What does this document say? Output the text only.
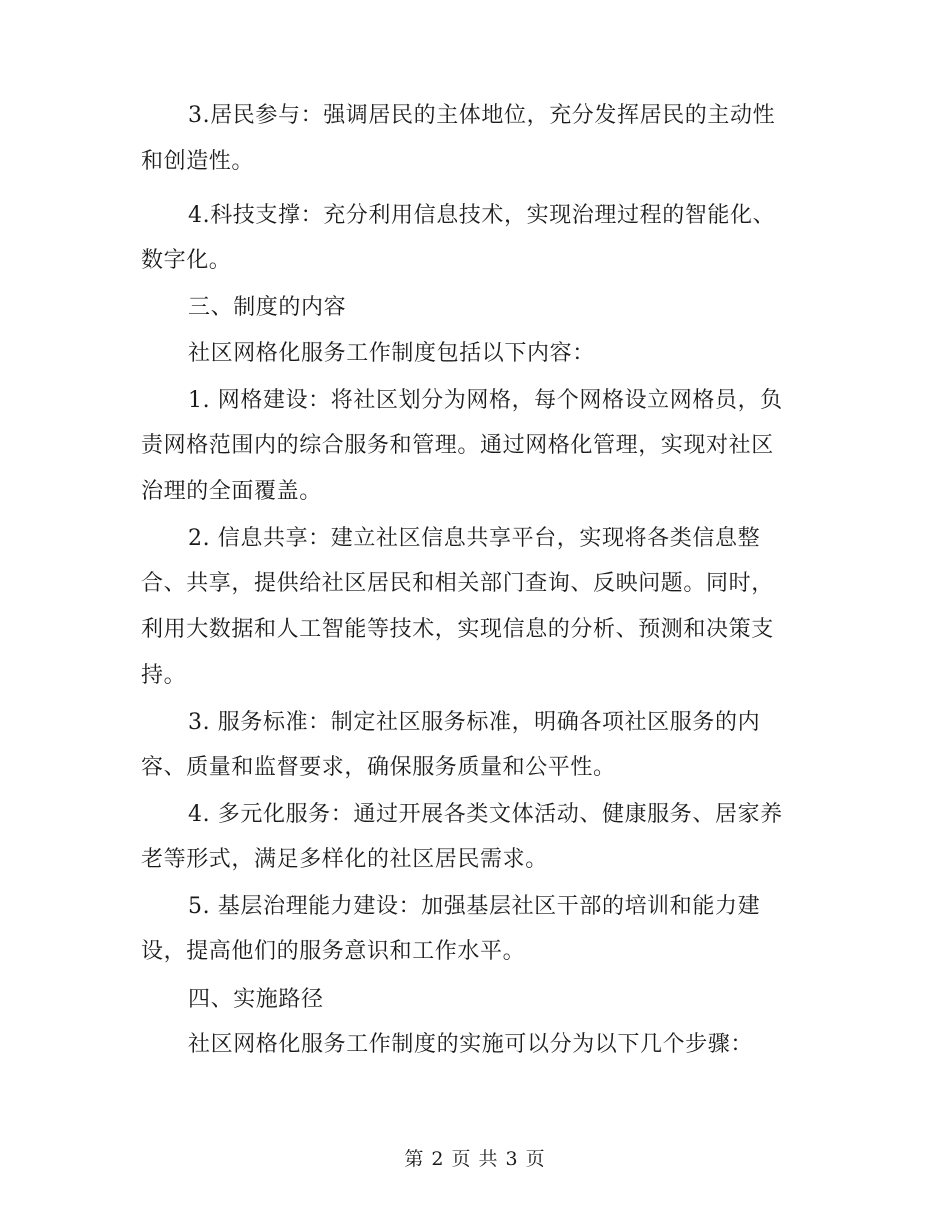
3.居民参与：强调居民的主体地位，充分发挥居民的主动性
和创造性。
4.科技支撑：充分利用信息技术，实现治理过程的智能化、
数字化。
三、制度的内容
社区网格化服务工作制度包括以下内容：
1. 网格建设：将社区划分为网格，每个网格设立网格员，负
责网格范围内的综合服务和管理。通过网格化管理，实现对社区
治理的全面覆盖。
2. 信息共享：建立社区信息共享平台，实现将各类信息整
合、共享，提供给社区居民和相关部门查询、反映问题。同时，
利用大数据和人工智能等技术，实现信息的分析、预测和决策支
持。
3. 服务标准：制定社区服务标准，明确各项社区服务的内
容、质量和监督要求，确保服务质量和公平性。
4. 多元化服务：通过开展各类文体活动、健康服务、居家养
老等形式，满足多样化的社区居民需求。
5. 基层治理能力建设：加强基层社区干部的培训和能力建
设，提高他们的服务意识和工作水平。
四、实施路径
社区网格化服务工作制度的实施可以分为以下几个步骤：
第 2 页 共 3 页
